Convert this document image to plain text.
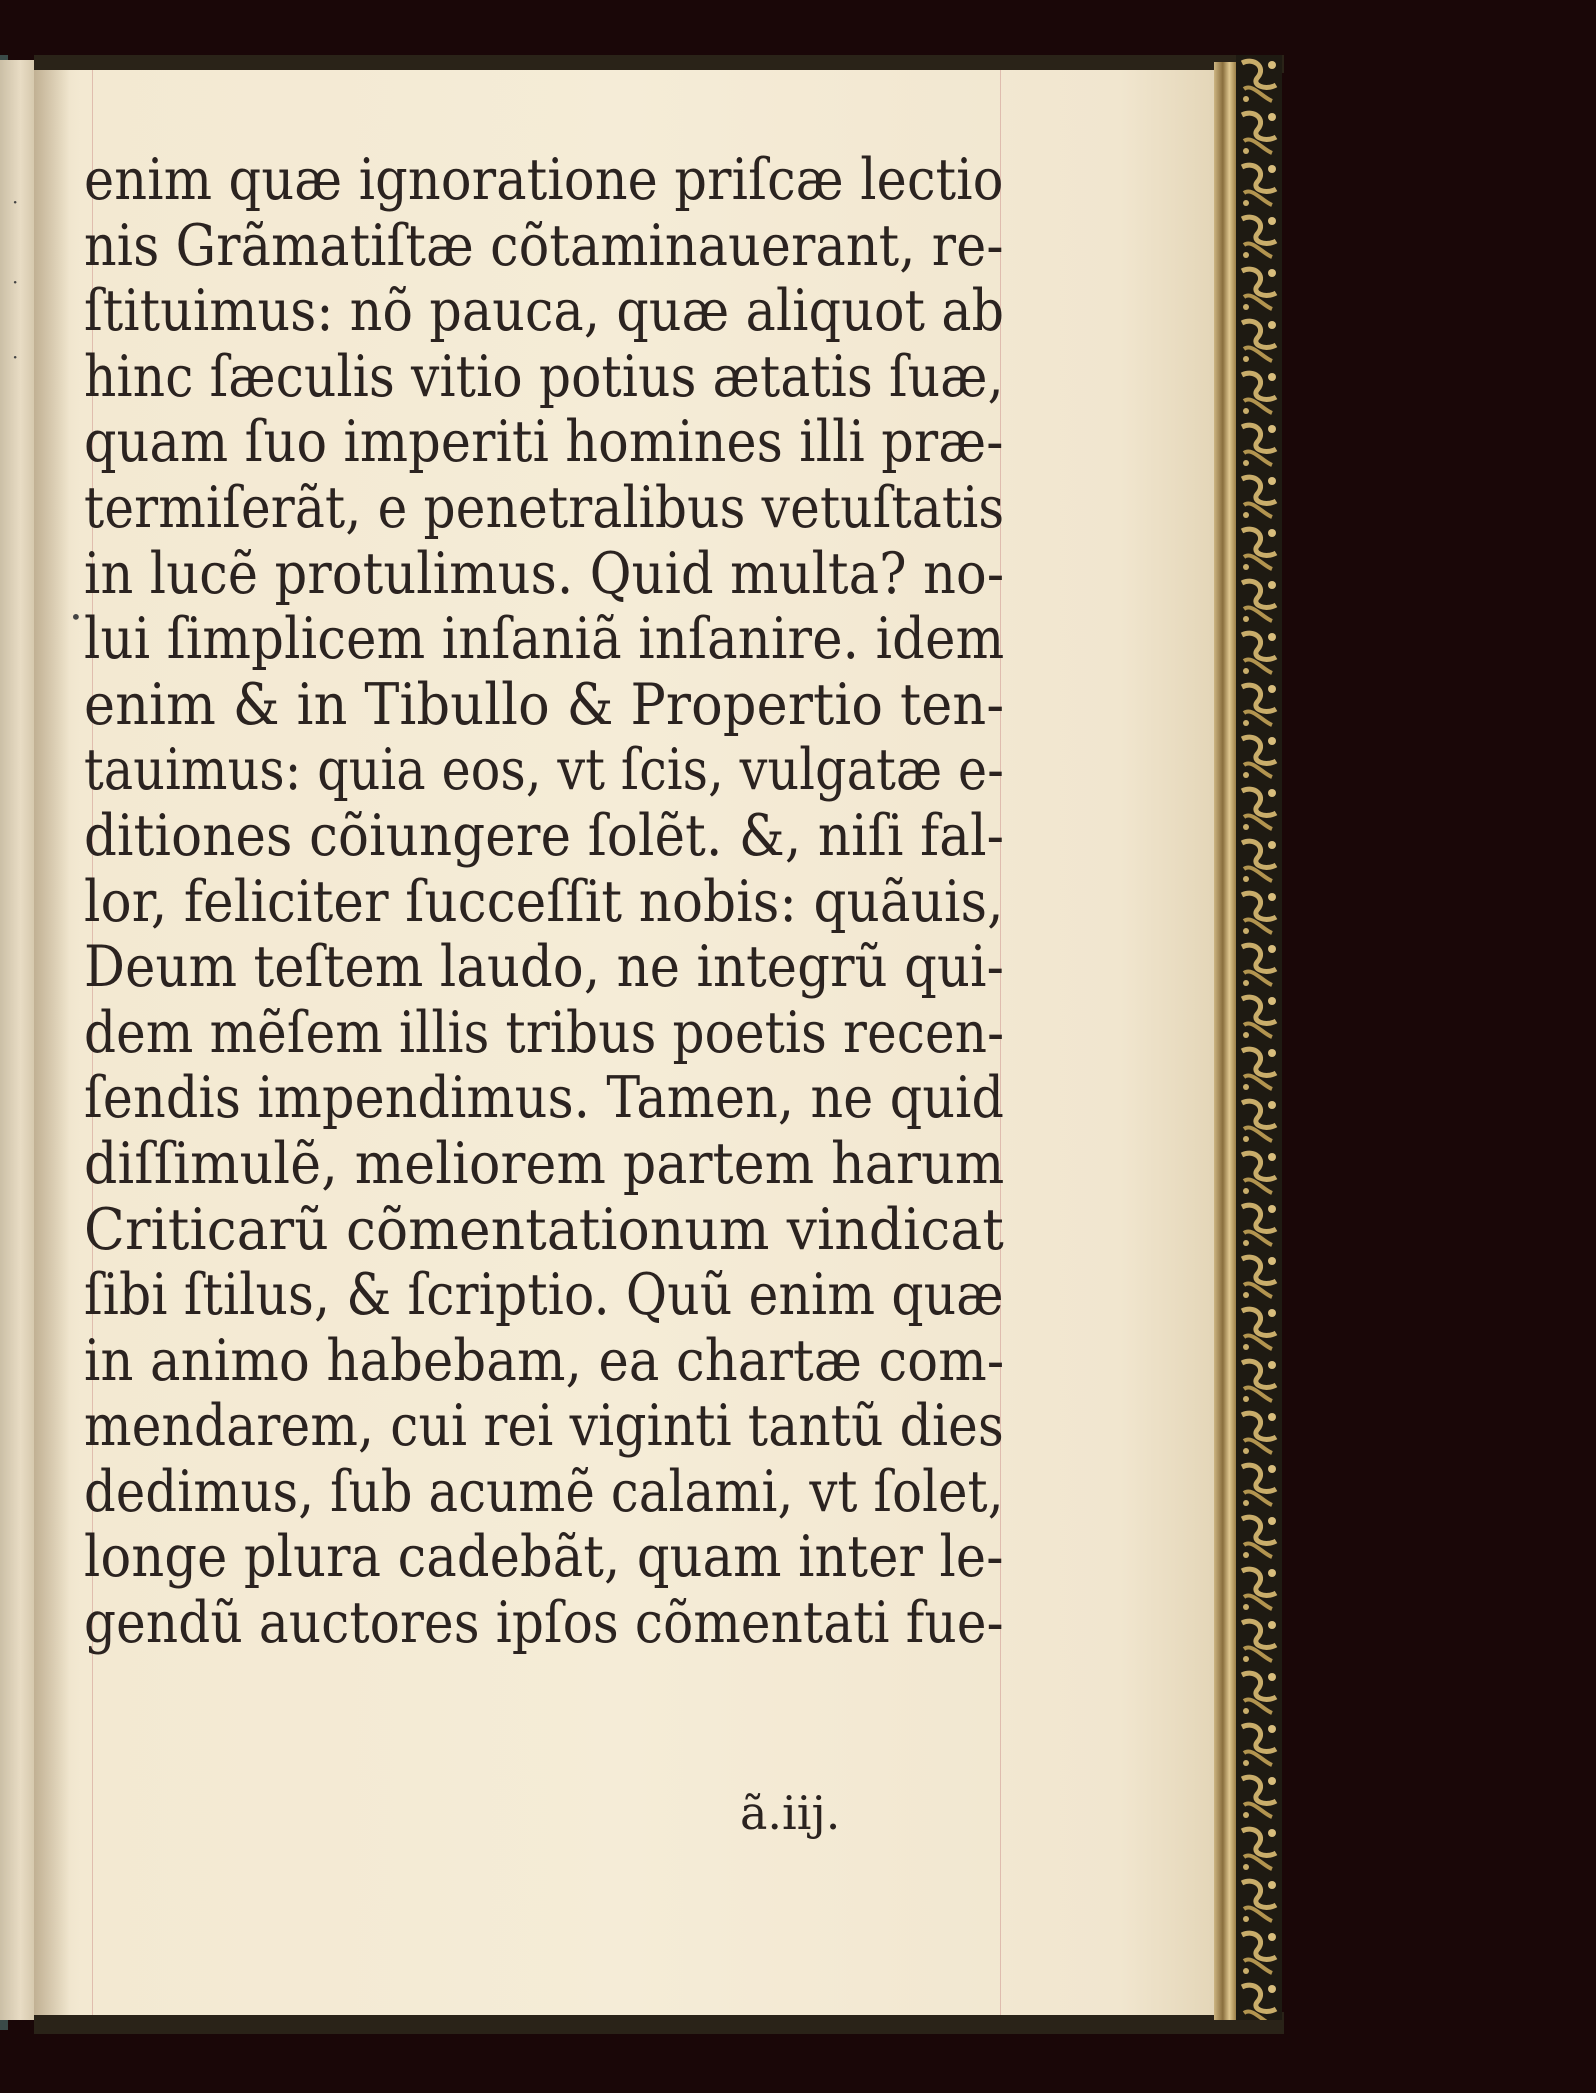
·
·
·
•
enim quæ ignoratione priſcæ lectio
nis Grãmatiſtæ cõtaminauerant, re-
ſtituimus: nõ pauca, quæ aliquot ab
hinc ſæculis vitio potius ætatis ſuæ,
quam ſuo imperiti homines illi præ-
termiſerãt, e penetralibus vetuſtatis
in lucẽ protulimus. Quid multa? no-
lui ſimplicem inſaniã inſanire. idem
enim & in Tibullo & Propertio ten-
tauimus: quia eos, vt ſcis, vulgatæ e-
ditiones cõiungere ſolẽt. &, niſi fal-
lor, feliciter ſucceſſit nobis: quãuis,
Deum teſtem laudo, ne integrũ qui-
dem mẽſem illis tribus poetis recen-
ſendis impendimus. Tamen, ne quid
diſſimulẽ, meliorem partem harum
Criticarũ cõmentationum vindicat
ſibi ſtilus, & ſcriptio. Quũ enim quæ
in animo habebam, ea chartæ com-
mendarem, cui rei viginti tantũ dies
dedimus, ſub acumẽ calami, vt ſolet,
longe plura cadebãt, quam inter le-
gendũ auctores ipſos cõmentati fue-
ã.iij.
